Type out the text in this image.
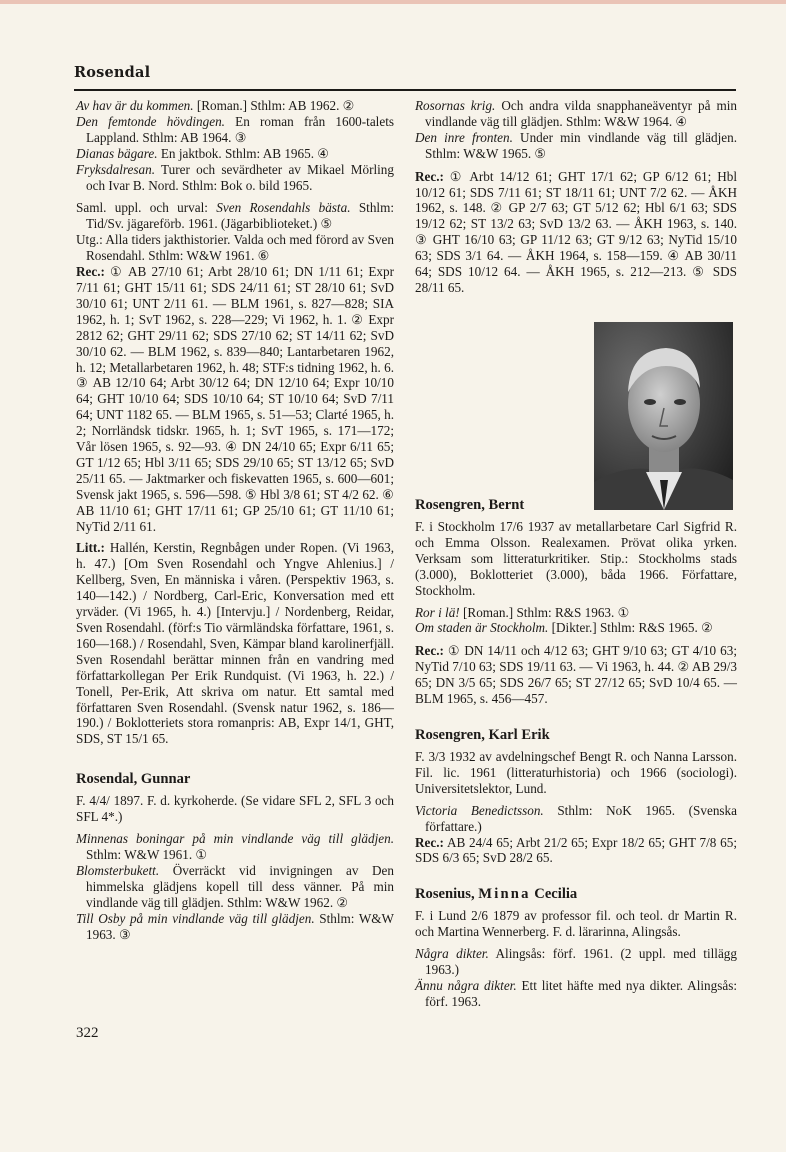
Rosendal

Av hav är du kommen. [Roman.] Sthlm: AB 1962. ②

Den femtonde hövdingen. En roman från 1600-talets Lappland. Sthlm: AB 1964. ③

Dianas bägare. En jaktbok. Sthlm: AB 1965. ④

Fryksdalresan. Turer och sevärdheter av Mikael Mörling och Ivar B. Nord. Sthlm: Bok o. bild 1965.

Saml. uppl. och urval: Sven Rosendahls bästa. Sthlm: Tid/Sv. jägareförb. 1961. (Jägarbiblioteket.) ⑤

Utg.: Alla tiders jakthistorier. Valda och med förord av Sven Rosendahl. Sthlm: W&W 1961. ⑥

Rec.: ① AB 27/10 61; Arbt 28/10 61; DN 1/11 61; Expr 7/11 61; GHT 15/11 61; SDS 24/11 61; ST 28/10 61; SvD 30/10 61; UNT 2/11 61. — BLM 1961, s. 827—828; SIA 1962, h. 1; SvT 1962, s. 228—229; Vi 1962, h. 1. ② Expr 2812 62; GHT 29/11 62; SDS 27/10 62; ST 14/11 62; SvD 30/10 62. — BLM 1962, s. 839—840; Lantarbetaren 1962, h. 12; Metallarbetaren 1962, h. 48; STF:s tidning 1962, h. 6. ③ AB 12/10 64; Arbt 30/12 64; DN 12/10 64; Expr 10/10 64; GHT 10/10 64; SDS 10/10 64; ST 10/10 64; SvD 7/11 64; UNT 1182 65. — BLM 1965, s. 51—53; Clarté 1965, h. 2; Norrländsk tidskr. 1965, h. 1; SvT 1965, s. 171—172; Vår lösen 1965, s. 92—93. ④ DN 24/10 65; Expr 6/11 65; GT 1/12 65; Hbl 3/11 65; SDS 29/10 65; ST 13/12 65; SvD 25/11 65. — Jaktmarker och fiskevatten 1965, s. 600—601; Svensk jakt 1965, s. 596—598. ⑤ Hbl 3/8 61; ST 4/2 62. ⑥ AB 11/10 61; GHT 17/11 61; GP 25/10 61; GT 11/10 61; NyTid 2/11 61.

Litt.: Hallén, Kerstin, Regnbågen under Ropen. (Vi 1963, h. 47.) [Om Sven Rosendahl och Yngve Ahlenius.] / Kellberg, Sven, En människa i våren. (Perspektiv 1963, s. 140—142.) / Nordberg, Carl-Eric, Konversation med ett yrväder. (Vi 1965, h. 4.) [Intervju.] / Nordenberg, Reidar, Sven Rosendahl. (förf:s Tio värmländska författare, 1961, s. 160—168.) / Rosendahl, Sven, Kämpar bland karolinerfjäll. Sven Rosendahl berättar minnen från en vandring med författarkollegan Per Erik Rundquist. (Vi 1963, h. 22.) / Tonell, Per-Erik, Att skriva om natur. Ett samtal med författaren Sven Rosendahl. (Svensk natur 1962, s. 186—190.) / Boklotteriets stora romanpris: AB, Expr 14/1, GHT, SDS, ST 15/1 65.

Rosendal, Gunnar

F. 4/4/ 1897. F. d. kyrkoherde. (Se vidare SFL 2, SFL 3 och SFL 4*.)

Minnenas boningar på min vindlande väg till glädjen. Sthlm: W&W 1961. ①

Blomsterbukett. Överräckt vid invigningen av Den himmelska glädjens kopell till dess vänner. På min vindlande väg till glädjen. Sthlm: W&W 1962. ②

Till Osby på min vindlande väg till glädjen. Sthlm: W&W 1963. ③

Rosornas krig. Och andra vilda snapphaneäventyr på min vindlande väg till glädjen. Sthlm: W&W 1964. ④

Den inre fronten. Under min vindlande väg till glädjen. Sthlm: W&W 1965. ⑤

Rec.: ① Arbt 14/12 61; GHT 17/1 62; GP 6/12 61; Hbl 10/12 61; SDS 7/11 61; ST 18/11 61; UNT 7/2 62. — ÅKH 1962, s. 148. ② GP 2/7 63; GT 5/12 62; Hbl 6/1 63; SDS 19/12 62; ST 13/2 63; SvD 13/2 63. — ÅKH 1963, s. 140. ③ GHT 16/10 63; GP 11/12 63; GT 9/12 63; NyTid 15/10 63; SDS 3/1 64. — ÅKH 1964, s. 158—159. ④ AB 30/11 64; SDS 10/12 64. — ÅKH 1965, s. 212—213. ⑤ SDS 28/11 65.

Rosengren, Bernt

F. i Stockholm 17/6 1937 av metallarbetare Carl Sigfrid R. och Emma Olsson. Realexamen. Prövat olika yrken. Verksam som litteraturkritiker. Stip.: Stockholms stads (3.000), Boklotteriet (3.000), båda 1966. Författare, Stockholm.

Ror i lä! [Roman.] Sthlm: R&S 1963. ①

Om staden är Stockholm. [Dikter.] Sthlm: R&S 1965. ②

Rec.: ① DN 14/11 och 4/12 63; GHT 9/10 63; GT 4/10 63; NyTid 7/10 63; SDS 19/11 63. — Vi 1963, h. 44. ② AB 29/3 65; DN 3/5 65; SDS 26/7 65; ST 27/12 65; SvD 10/4 65. — BLM 1965, s. 456—457.

Rosengren, Karl Erik

F. 3/3 1932 av avdelningschef Bengt R. och Nanna Larsson. Fil. lic. 1961 (litteraturhistoria) och 1966 (sociologi). Universitetslektor, Lund.

Victoria Benedictsson. Sthlm: NoK 1965. (Svenska författare.)

Rec.: AB 24/4 65; Arbt 21/2 65; Expr 18/2 65; GHT 7/8 65; SDS 6/3 65; SvD 28/2 65.

Rosenius, Minna Cecilia

F. i Lund 2/6 1879 av professor fil. och teol. dr Martin R. och Martina Wennerberg. F. d. lärarinna, Alingsås.

Några dikter. Alingsås: förf. 1961. (2 uppl. med tillägg 1963.)

Ännu några dikter. Ett litet häfte med nya dikter. Alingsås: förf. 1963.

322
